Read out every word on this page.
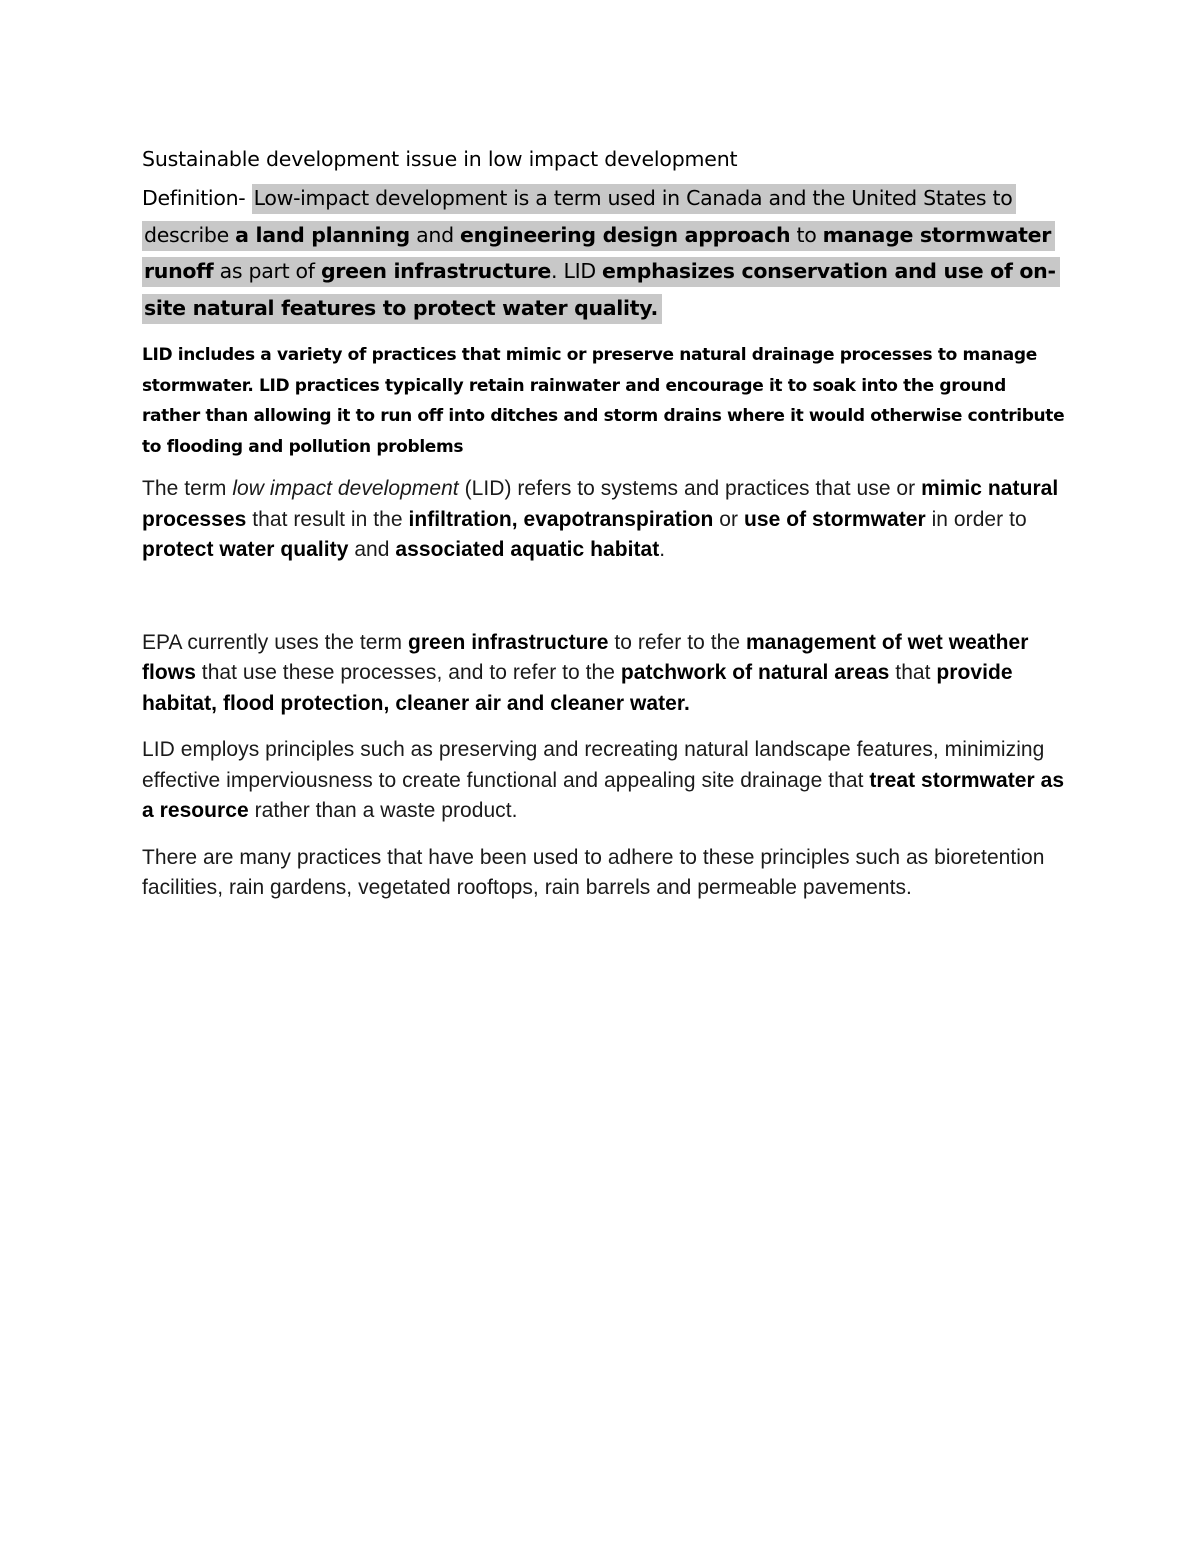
Sustainable development issue in low impact development

Definition- Low-impact development is a term used in Canada and the United States to describe a land planning and engineering design approach to manage stormwater runoff as part of green infrastructure. LID emphasizes conservation and use of on-site natural features to protect water quality.

LID includes a variety of practices that mimic or preserve natural drainage processes to manage stormwater. LID practices typically retain rainwater and encourage it to soak into the ground rather than allowing it to run off into ditches and storm drains where it would otherwise contribute to flooding and pollution problems

The term low impact development (LID) refers to systems and practices that use or mimic natural processes that result in the infiltration, evapotranspiration or use of stormwater in order to protect water quality and associated aquatic habitat.

EPA currently uses the term green infrastructure to refer to the management of wet weather flows that use these processes, and to refer to the patchwork of natural areas that provide habitat, flood protection, cleaner air and cleaner water.

LID employs principles such as preserving and recreating natural landscape features, minimizing effective imperviousness to create functional and appealing site drainage that treat stormwater as a resource rather than a waste product.

There are many practices that have been used to adhere to these principles such as bioretention facilities, rain gardens, vegetated rooftops, rain barrels and permeable pavements.
